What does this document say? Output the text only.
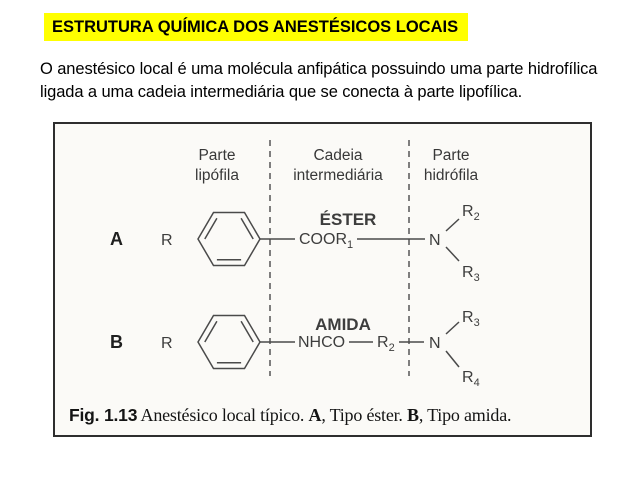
ESTRUTURA QUÍMICA DOS ANESTÉSICOS LOCAIS
O anestésico local é uma molécula anfipática possuindo uma parte hidrofílica
ligada a uma cadeia intermediária que se conecta à parte lipofílica.
Parte lipófila
Cadeia intermediária
Parte hidrófila
A R	$COOR_1$
ÉSTER
N
$R_2$
$R_3$
B R	NHCO
AMIDA
$R_2$ N
$R_3$
$R_4$
Fig. 1.13 Anestésico local típico. A, Tipo éster. B, Tipo amida.
